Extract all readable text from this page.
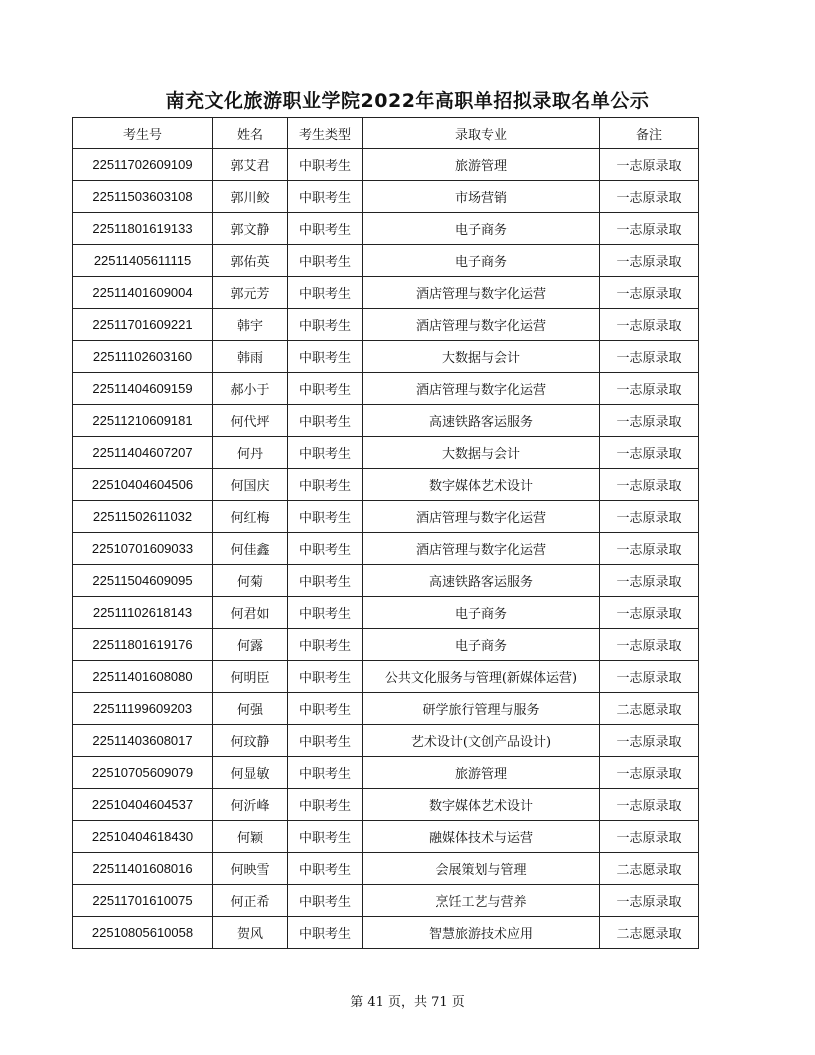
南充文化旅游职业学院2022年高职单招拟录取名单公示
考生号	姓名	考生类型	录取专业	备注
22511702609109	郭艾君	中职考生	旅游管理	一志原录取
22511503603108	郭川鲛	中职考生	市场营销	一志原录取
22511801619133	郭文静	中职考生	电子商务	一志原录取
22511405611115	郭佑英	中职考生	电子商务	一志原录取
22511401609004	郭元芳	中职考生	酒店管理与数字化运营	一志原录取
22511701609221	韩宇	中职考生	酒店管理与数字化运营	一志原录取
22511102603160	韩雨	中职考生	大数据与会计	一志原录取
22511404609159	郝小于	中职考生	酒店管理与数字化运营	一志原录取
22511210609181	何代坪	中职考生	高速铁路客运服务	一志原录取
22511404607207	何丹	中职考生	大数据与会计	一志原录取
22510404604506	何国庆	中职考生	数字媒体艺术设计	一志原录取
22511502611032	何红梅	中职考生	酒店管理与数字化运营	一志原录取
22510701609033	何佳鑫	中职考生	酒店管理与数字化运营	一志原录取
22511504609095	何菊	中职考生	高速铁路客运服务	一志原录取
22511102618143	何君如	中职考生	电子商务	一志原录取
22511801619176	何露	中职考生	电子商务	一志原录取
22511401608080	何明臣	中职考生	公共文化服务与管理(新媒体运营)	一志原录取
22511199609203	何强	中职考生	研学旅行管理与服务	二志愿录取
22511403608017	何玟静	中职考生	艺术设计(文创产品设计)	一志原录取
22510705609079	何显敏	中职考生	旅游管理	一志原录取
22510404604537	何沂峰	中职考生	数字媒体艺术设计	一志原录取
22510404618430	何颖	中职考生	融媒体技术与运营	一志原录取
22511401608016	何映雪	中职考生	会展策划与管理	二志愿录取
22511701610075	何正希	中职考生	烹饪工艺与营养	一志原录取
22510805610058	贺风	中职考生	智慧旅游技术应用	二志愿录取
第 41 页，共 71 页
